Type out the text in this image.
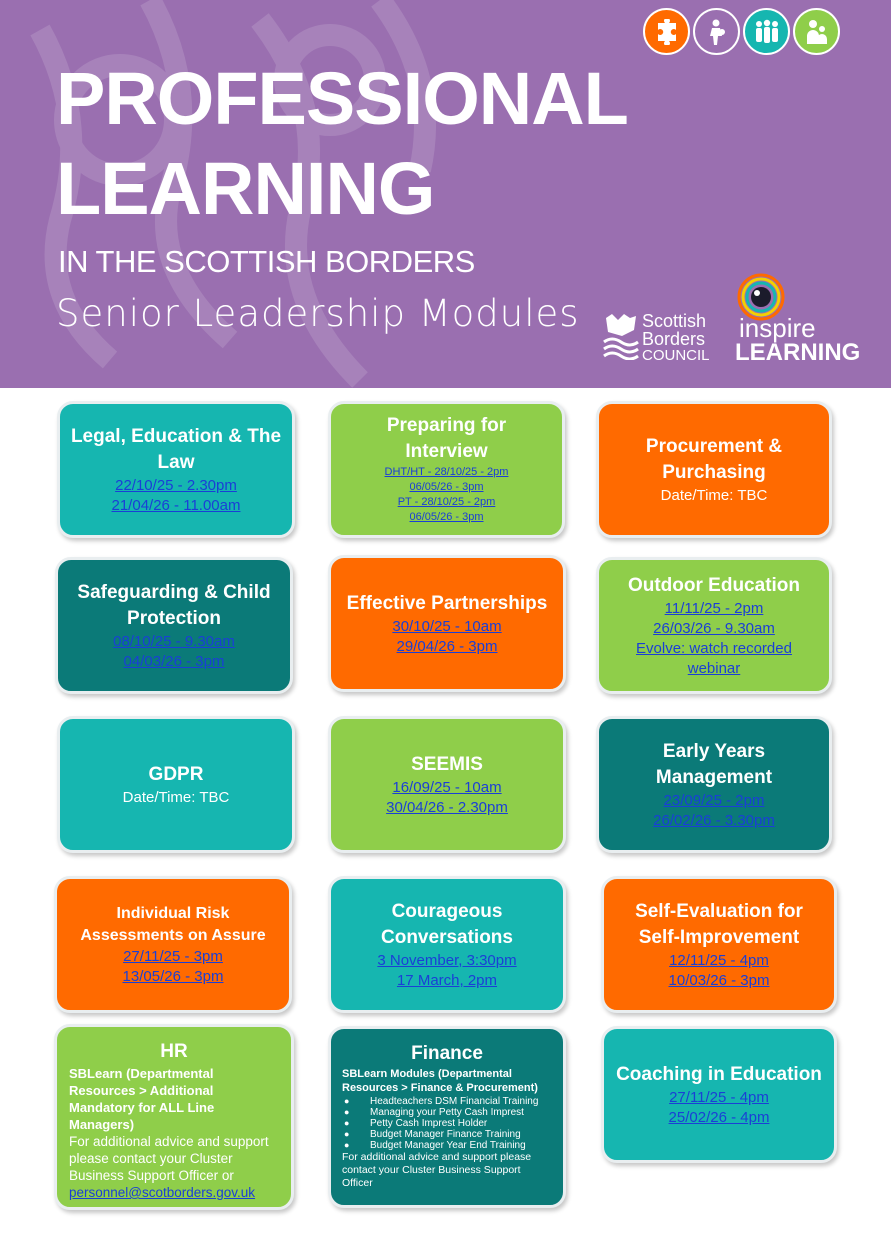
PROFESSIONAL
LEARNING
IN THE SCOTTISH BORDERS
Senior Leadership Modules	Scottish
Borders
COUNCIL
inspire
LEARNING
Legal, Education & The Law
22/10/25 - 2.30pm
21/04/26 - 11.00am
Preparing for Interview
DHT/HT - 28/10/25 - 2pm
06/05/26 - 3pm
PT - 28/10/25 - 2pm
06/05/26 - 3pm
Procurement & Purchasing
Date/Time: TBC
Safeguarding & Child Protection
08/10/25 - 9.30am
04/03/26 - 3pm
Effective Partnerships
30/10/25 - 10am
29/04/26 - 3pm
Outdoor Education
11/11/25 - 2pm
26/03/26 - 9.30am
Evolve: watch recorded webinar
GDPR
Date/Time: TBC
SEEMIS
16/09/25 - 10am
30/04/26 - 2.30pm
Early Years Management
23/09/25 - 2pm
26/02/26 - 3.30pm
Individual Risk Assessments on Assure
27/11/25 - 3pm
13/05/26 - 3pm
Courageous Conversations
3 November, 3:30pm
17 March, 2pm
Self-Evaluation for Self-Improvement
12/11/25 - 4pm
10/03/26 - 3pm
HR
SBLearn (Departmental Resources > Additional Mandatory for ALL Line Managers)
For additional advice and support please contact your Cluster Business Support Officer or
personnel@scotborders.gov.uk
Finance
SBLearn Modules (Departmental Resources > Finance & Procurement)
● Headteachers DSM Financial Training
● Managing your Petty Cash Imprest
● Petty Cash Imprest Holder
● Budget Manager Finance Training
● Budget Manager Year End Training
For additional advice and support please contact your Cluster Business Support Officer
Coaching in Education
27/11/25 - 4pm
25/02/26 - 4pm
